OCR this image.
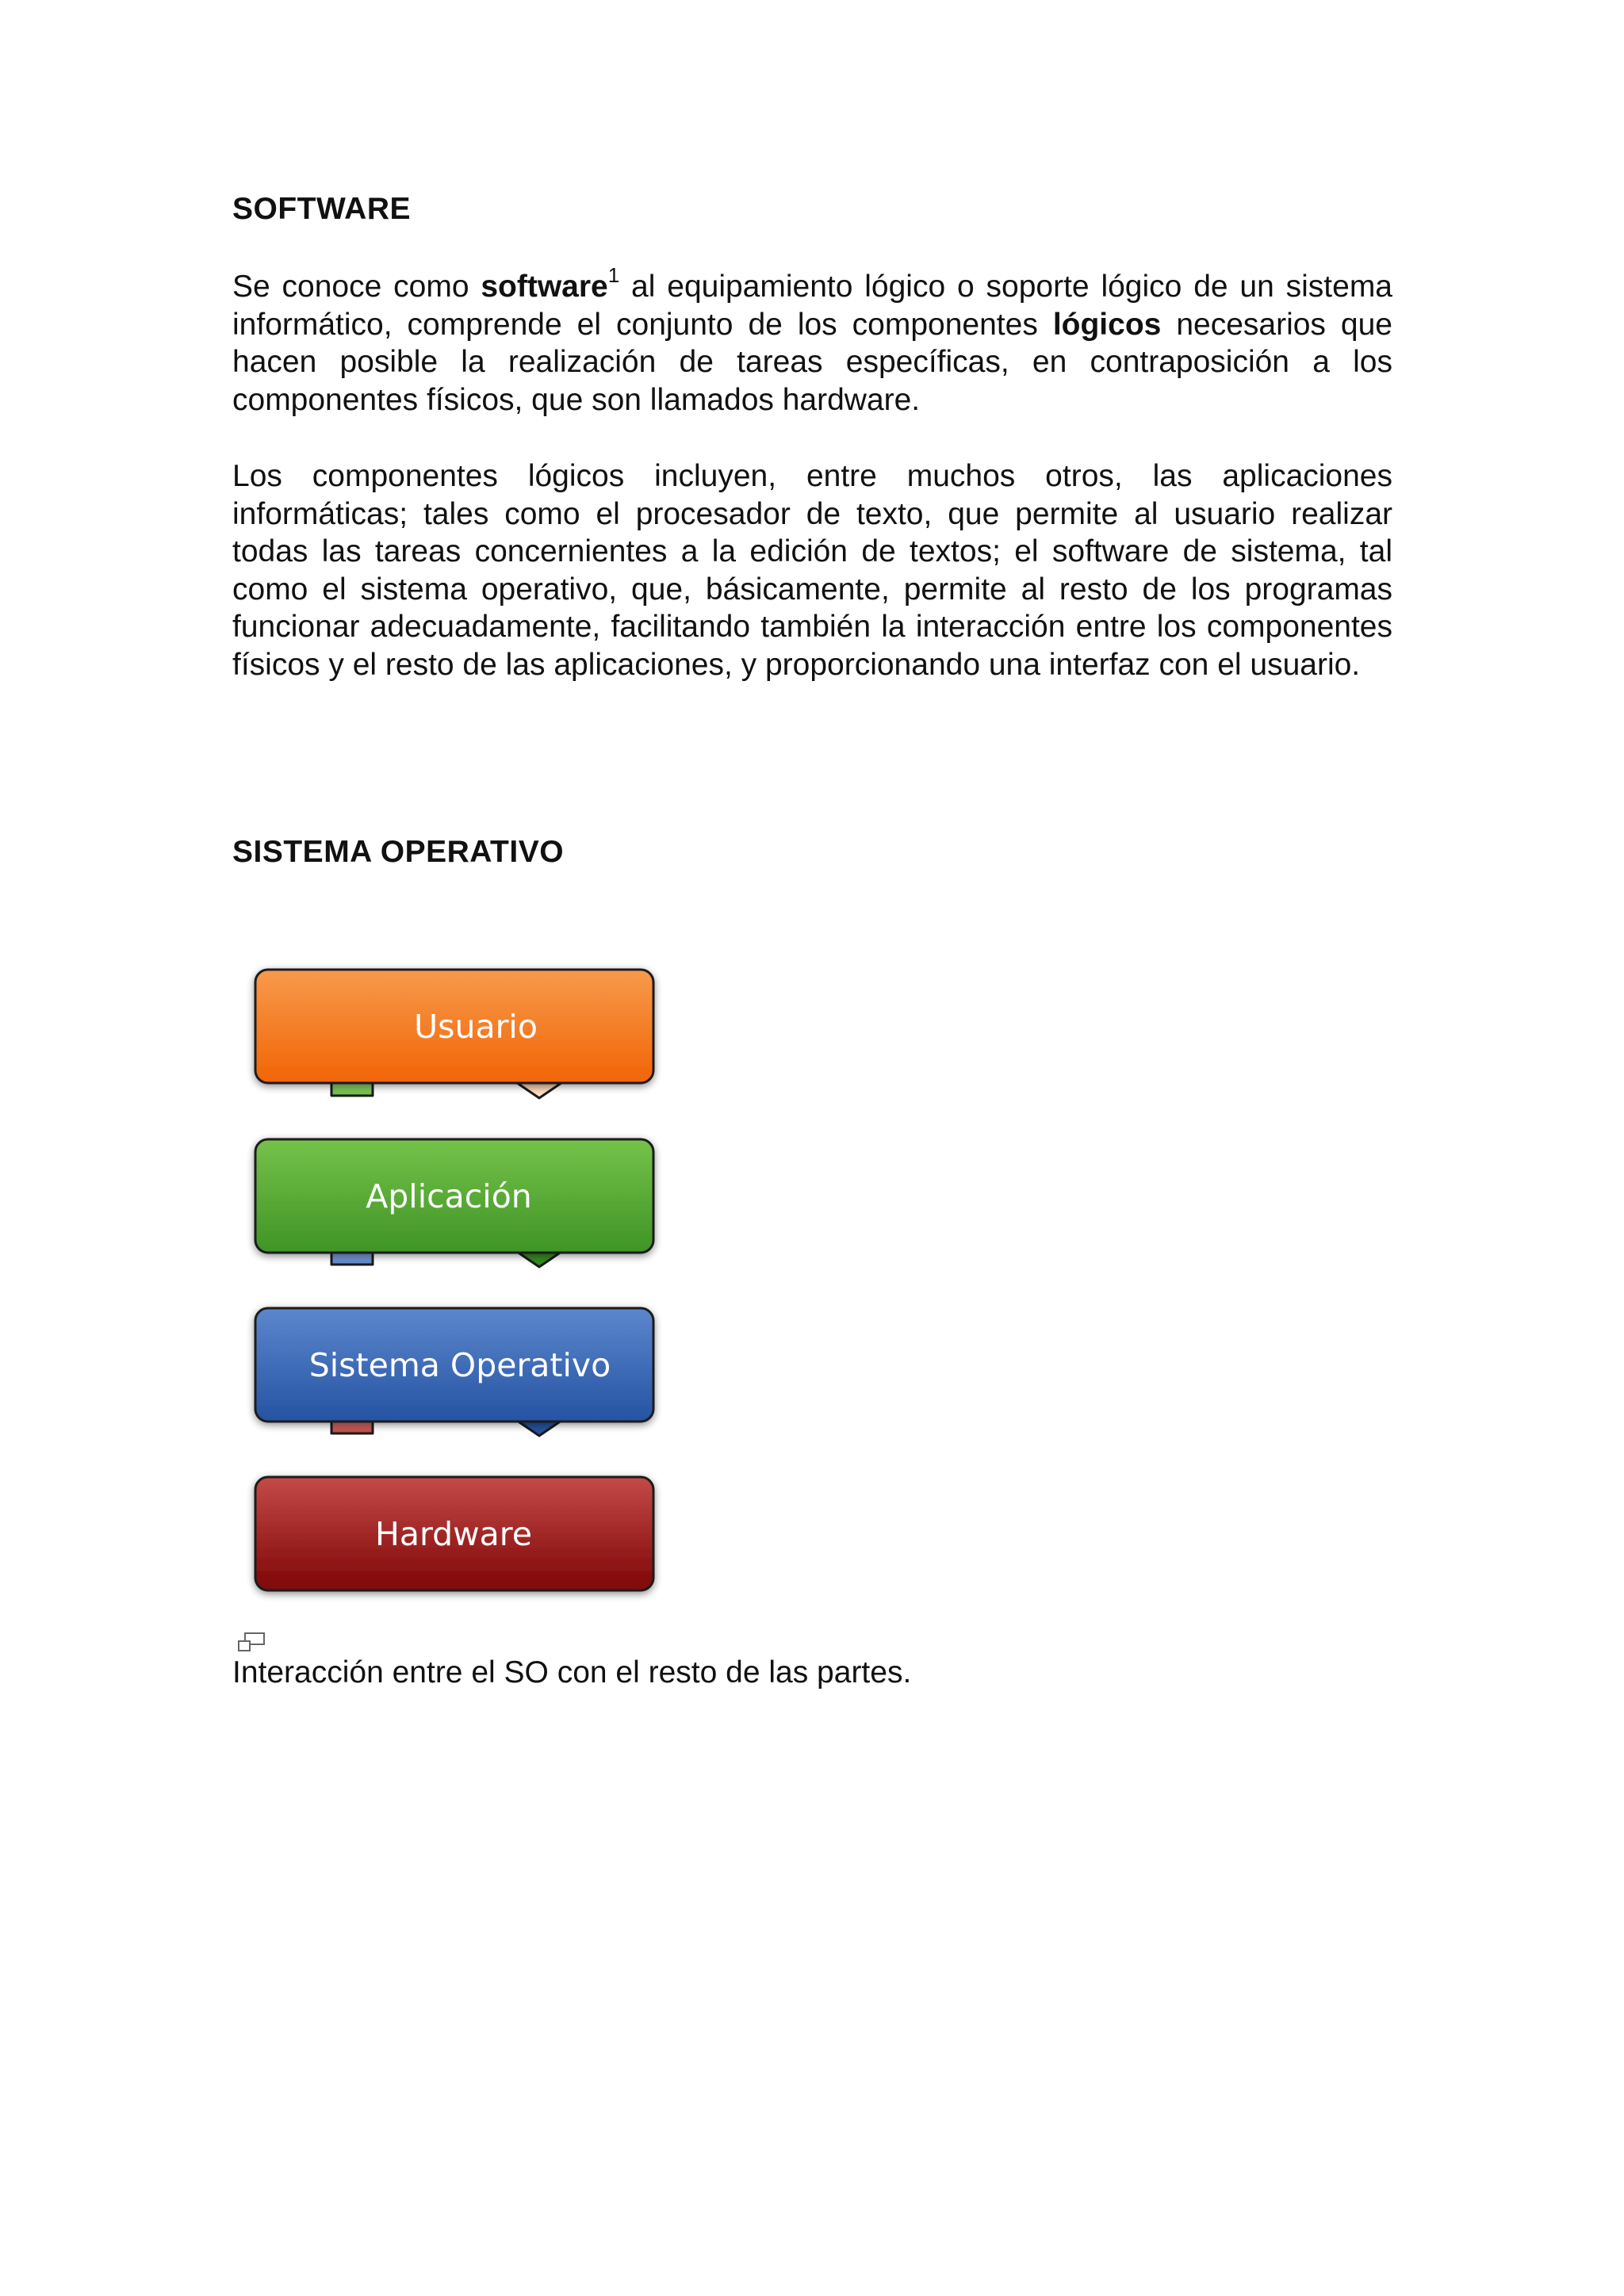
SOFTWARE

Se conoce como software$^1$ al equipamiento lógico o soporte lógico de un sistema informático, comprende el conjunto de los componentes lógicos necesarios que hacen posible la realización de tareas específicas, en contraposición a los componentes físicos, que son llamados hardware.

Los componentes lógicos incluyen, entre muchos otros, las aplicaciones informáticas; tales como el procesador de texto, que permite al usuario realizar todas las tareas concernientes a la edición de textos; el software de sistema, tal como el sistema operativo, que, básicamente, permite al resto de los programas funcionar adecuadamente, facilitando también la interacción entre los componentes físicos y el resto de las aplicaciones, y proporcionando una interfaz con el usuario.

SISTEMA OPERATIVO
Usuario
Aplicación
Sistema Operativo
Hardware

Interacción entre el SO con el resto de las partes.
